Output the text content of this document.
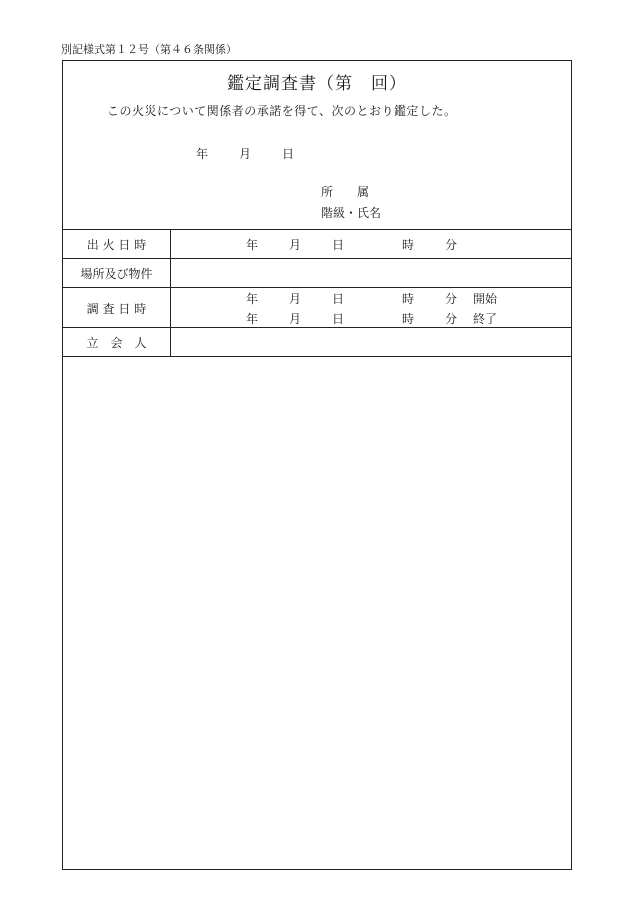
別記様式第１２号（第４６条関係）
鑑定調査書（第　回）
この火災について関係者の承諾を得て、次のとおり鑑定した。
年	月	日
所　　属
階級・氏名
出 火 日 時	年	月	日	時	分
場所及び物件
調 査 日 時
年	月	日	時	分 開始
年	月	日	時	分 終了
立　会　人
